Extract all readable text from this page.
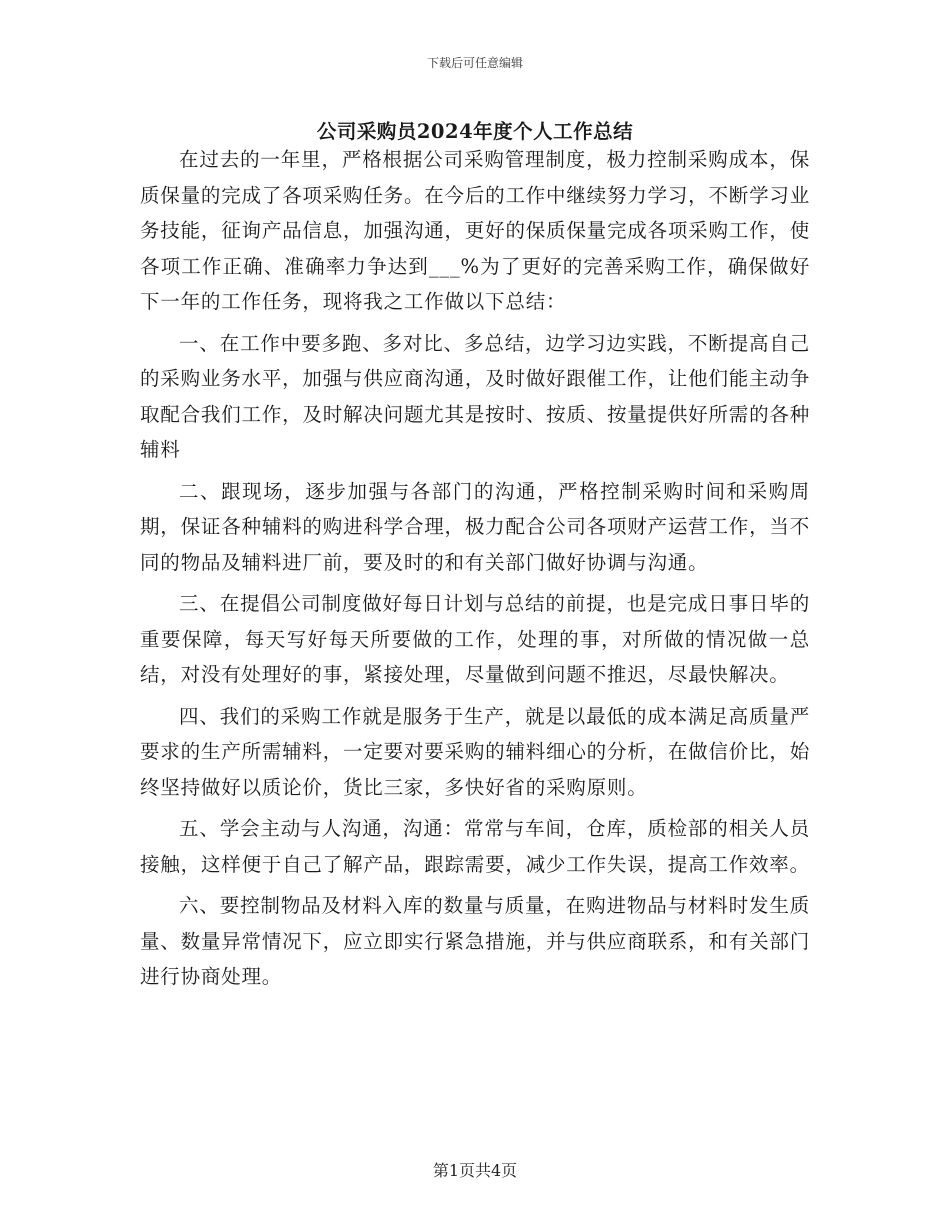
下载后可任意编辑
公司采购员2024年度个人工作总结

在过去的一年里，严格根据公司采购管理制度，极力控制采购成本，保质保量的完成了各项采购任务。在今后的工作中继续努力学习，不断学习业务技能，征询产品信息，加强沟通，更好的保质保量完成各项采购工作，使各项工作正确、准确率力争达到___%为了更好的完善采购工作，确保做好下一年的工作任务，现将我之工作做以下总结：

一、在工作中要多跑、多对比、多总结，边学习边实践，不断提高自己的采购业务水平，加强与供应商沟通，及时做好跟催工作，让他们能主动争取配合我们工作，及时解决问题尤其是按时、按质、按量提供好所需的各种辅料

二、跟现场，逐步加强与各部门的沟通，严格控制采购时间和采购周期，保证各种辅料的购进科学合理，极力配合公司各项财产运营工作，当不同的物品及辅料进厂前，要及时的和有关部门做好协调与沟通。

三、在提倡公司制度做好每日计划与总结的前提，也是完成日事日毕的重要保障，每天写好每天所要做的工作，处理的事，对所做的情况做一总结，对没有处理好的事，紧接处理，尽量做到问题不推迟，尽最快解决。

四、我们的采购工作就是服务于生产，就是以最低的成本满足高质量严要求的生产所需辅料，一定要对要采购的辅料细心的分析，在做信价比，始终坚持做好以质论价，货比三家，多快好省的采购原则。

五、学会主动与人沟通，沟通：常常与车间，仓库，质检部的相关人员接触，这样便于自己了解产品，跟踪需要，减少工作失误，提高工作效率。

六、要控制物品及材料入库的数量与质量，在购进物品与材料时发生质量、数量异常情况下，应立即实行紧急措施，并与供应商联系，和有关部门进行协商处理。

第1页共4页
